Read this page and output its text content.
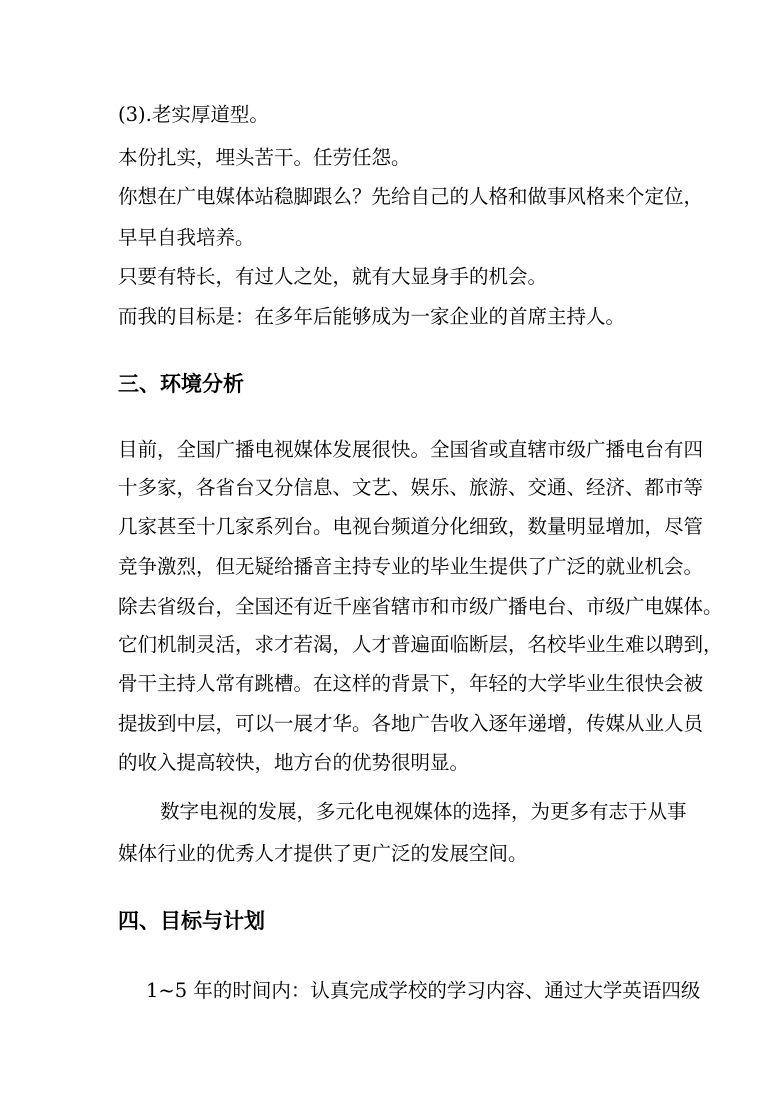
(3).老实厚道型。

本份扎实，埋头苦干。任劳任怨。

你想在广电媒体站稳脚跟么？先给自己的人格和做事风格来个定位，

早早自我培养。

只要有特长，有过人之处，就有大显身手的机会。

而我的目标是：在多年后能够成为一家企业的首席主持人。

三、环境分析

目前，全国广播电视媒体发展很快。全国省或直辖市级广播电台有四

十多家，各省台又分信息、文艺、娱乐、旅游、交通、经济、都市等

几家甚至十几家系列台。电视台频道分化细致，数量明显增加，尽管

竞争激烈，但无疑给播音主持专业的毕业生提供了广泛的就业机会。

除去省级台，全国还有近千座省辖市和市级广播电台、市级广电媒体。

它们机制灵活，求才若渴，人才普遍面临断层，名校毕业生难以聘到，

骨干主持人常有跳槽。在这样的背景下，年轻的大学毕业生很快会被

提拔到中层，可以一展才华。各地广告收入逐年递增，传媒从业人员

的收入提高较快，地方台的优势很明显。

数字电视的发展，多元化电视媒体的选择，为更多有志于从事

媒体行业的优秀人才提供了更广泛的发展空间。

四、目标与计划

1~5 年的时间内：认真完成学校的学习内容、通过大学英语四级
